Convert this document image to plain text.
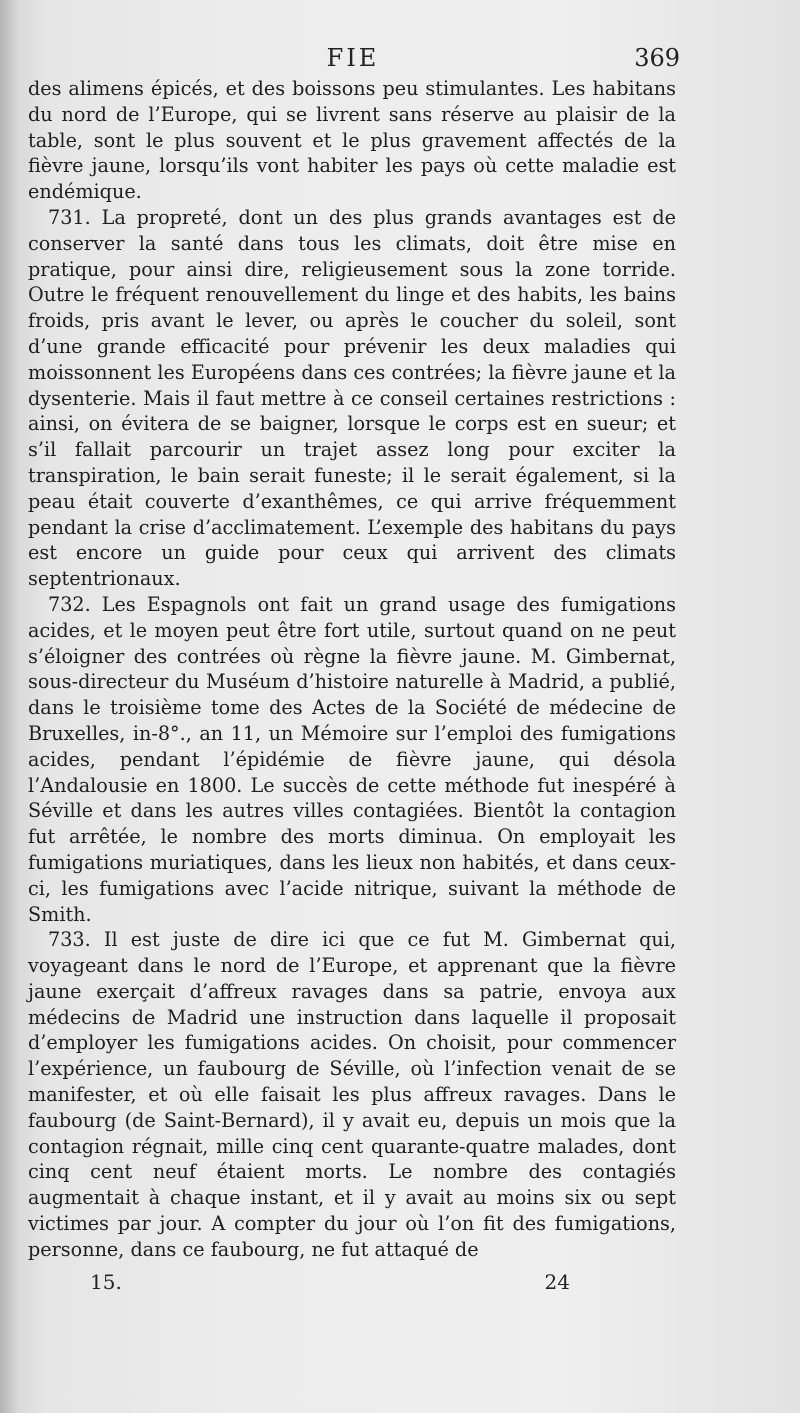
FIE	369

des alimens épicés, et des boissons peu stimulantes. Les habitans du nord de l’Europe, qui se livrent sans réserve au plaisir de la table, sont le plus souvent et le plus gravement affectés de la fièvre jaune, lorsqu’ils vont habiter les pays où cette maladie est endémique.

731. La propreté, dont un des plus grands avantages est de conserver la santé dans tous les climats, doit être mise en pratique, pour ainsi dire, religieusement sous la zone torride. Outre le fréquent renouvellement du linge et des habits, les bains froids, pris avant le lever, ou après le coucher du soleil, sont d’une grande efficacité pour prévenir les deux maladies qui moissonnent les Européens dans ces contrées; la fièvre jaune et la dysenterie. Mais il faut mettre à ce conseil certaines restrictions : ainsi, on évitera de se baigner, lorsque le corps est en sueur; et s’il fallait parcourir un trajet assez long pour exciter la transpiration, le bain serait funeste; il le serait également, si la peau était couverte d’exanthêmes, ce qui arrive fréquemment pendant la crise d’acclimatement. L’exemple des habitans du pays est encore un guide pour ceux qui arrivent des climats septentrionaux.

732. Les Espagnols ont fait un grand usage des fumigations acides, et le moyen peut être fort utile, surtout quand on ne peut s’éloigner des contrées où règne la fièvre jaune. M. Gimbernat, sous-directeur du Muséum d’histoire naturelle à Madrid, a publié, dans le troisième tome des Actes de la Société de médecine de Bruxelles, in-8°., an 11, un Mémoire sur l’emploi des fumigations acides, pendant l’épidémie de fièvre jaune, qui désola l’Andalousie en 1800. Le succès de cette méthode fut inespéré à Séville et dans les autres villes contagiées. Bientôt la contagion fut arrêtée, le nombre des morts diminua. On employait les fumigations muriatiques, dans les lieux non habités, et dans ceux-ci, les fumigations avec l’acide nitrique, suivant la méthode de Smith.

733. Il est juste de dire ici que ce fut M. Gimbernat qui, voyageant dans le nord de l’Europe, et apprenant que la fièvre jaune exerçait d’affreux ravages dans sa patrie, envoya aux médecins de Madrid une instruction dans laquelle il proposait d’employer les fumigations acides. On choisit, pour commencer l’expérience, un faubourg de Séville, où l’infection venait de se manifester, et où elle faisait les plus affreux ravages. Dans le faubourg (de Saint-Bernard), il y avait eu, depuis un mois que la contagion régnait, mille cinq cent quarante-quatre malades, dont cinq cent neuf étaient morts. Le nombre des contagiés augmentait à chaque instant, et il y avait au moins six ou sept victimes par jour. A compter du jour où l’on fit des fumigations, personne, dans ce faubourg, ne fut attaqué de

15.	24
